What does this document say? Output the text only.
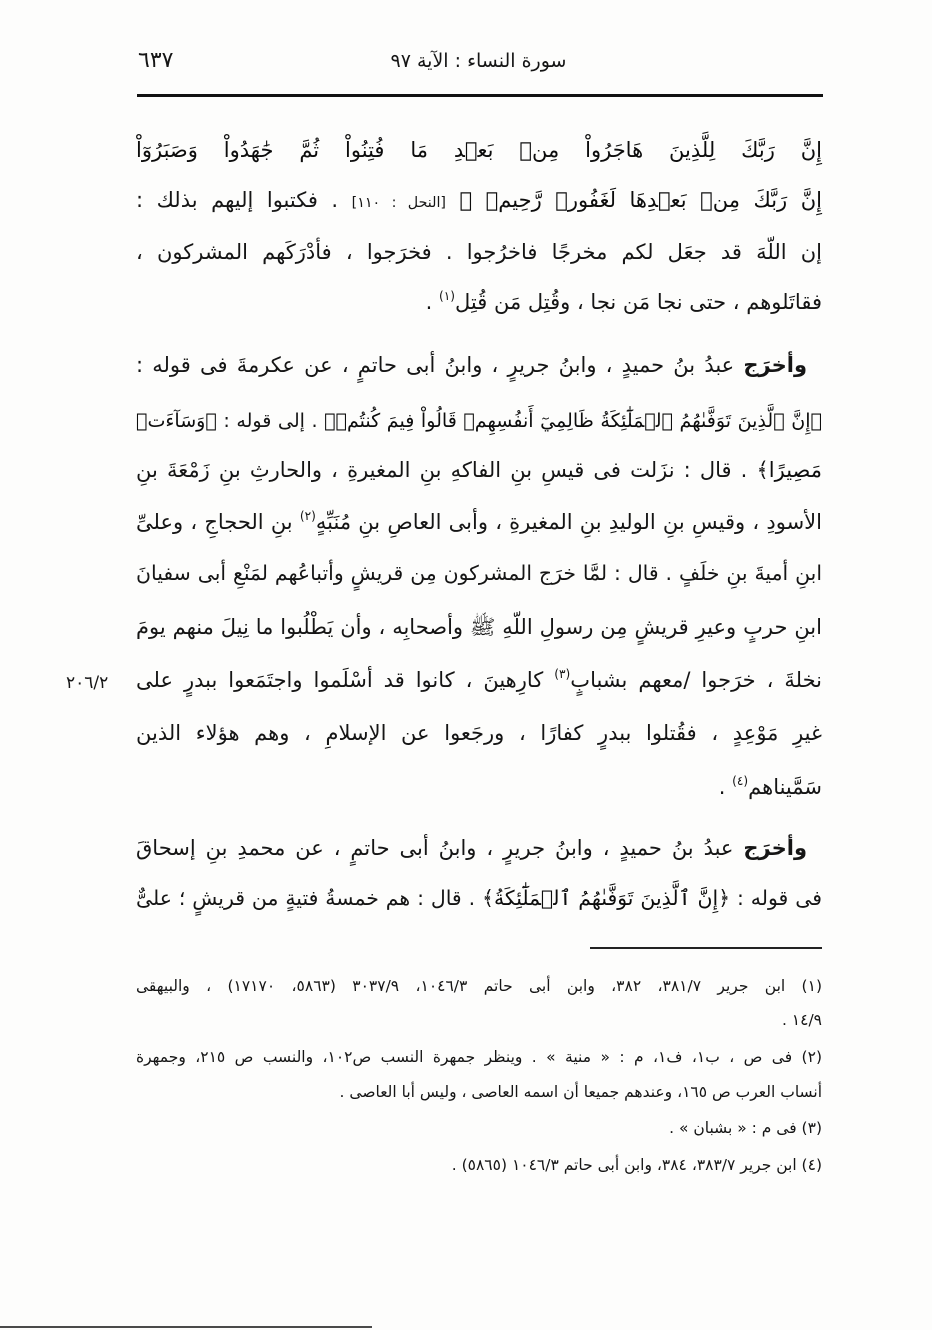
٦٣٧	سورة النساء : الآية ٩٧
إِنَّ رَبَّكَ لِلَّذِينَ هَاجَرُواْ مِنۢ بَعۡدِ مَا فُتِنُواْ ثُمَّ جَٰهَدُواْ وَصَبَرُوٓاْ
إِنَّ رَبَّكَ مِنۢ بَعۡدِهَا لَغَفُورٞ رَّحِيمٞ ﴾ [النحل : ١١٠] . فكتبوا إليهم بذلك :
إن اللّهَ قد جعَل لكم مخرجًا فاخرُجوا . فخرَجوا ، فأدْرَكَهم المشركون ،
فقاتَلوهم ، حتى نجا مَن نجا ، وقُتِل مَن قُتِل$^{(١)}$ .
وأخرَج عبدُ بنُ حميدٍ ، وابنُ جريرٍ ، وابنُ أبى حاتمٍ ، عن عكرمةَ فى قوله :
﴿إِنَّ ٱلَّذِينَ تَوَفَّىٰهُمُ ٱلۡمَلَٰٓئِكَةُ ظَالِمِيٓ أَنفُسِهِمۡ قَالُواْ فِيمَ كُنتُمۡ﴾ . إلى قوله : ﴿وَسَآءَتۡ
مَصِيرًا﴾ . قال : نزَلت فى قيسِ بنِ الفاكهِ بنِ المغيرةِ ، والحارثِ بنِ زَمْعَةَ بنِ
الأسودِ ، وقيسِ بنِ الوليدِ بنِ المغيرةِ ، وأبى العاصِ بنِ مُنَبِّهٍ$^{(٢)}$ بنِ الحجاجِ ، وعلىِّ
ابنِ أميةَ بنِ خلَفٍ . قال : لمَّا خرَج المشركون مِن قريشٍ وأتباعُهم لمَنْعِ أبى سفيانَ
ابنِ حربٍ وعيرِ قريشٍ مِن رسولِ اللّهِ ﷺ وأصحابِه ، وأن يَطْلُبوا ما نِيلَ منهم يومَ
نخلةَ ، خرَجوا /معهم بشبابٍ$^{(٣)}$ كارِهينَ ، كانوا قد أسْلَموا واجتَمَعوا ببدرٍ على
٢٠٦/٢
غيرِ مَوْعِدٍ ، فقُتلوا ببدرٍ كفارًا ، ورجَعوا عن الإسلامِ ، وهم هؤلاء الذين
سَمَّيناهم$^{(٤)}$ .
وأخرَج عبدُ بنُ حميدٍ ، وابنُ جريرٍ ، وابنُ أبى حاتمٍ ، عن محمدِ بنِ إسحاقَ
فى قوله : ﴿إِنَّ ٱلَّذِينَ تَوَفَّىٰهُمُ ٱلۡمَلَٰٓئِكَةُ﴾ . قال : هم خمسةُ فتيةٍ من قريشٍ ؛ علىٌّ
(١) ابن جرير ٣٨١/٧، ٣٨٢، وابن أبى حاتم ١٠٤٦/٣، ٣٠٣٧/٩ (٥٨٦٣، ١٧١٧٠) ، والبيهقى
١٤/٩ .
(٢) فى ص ، ب١، ف١، م : « منية » . وينظر جمهرة النسب ص١٠٢، والنسب ص ٢١٥، وجمهرة
أنساب العرب ص ١٦٥، وعندهم جميعا أن اسمه العاصى ، وليس أبا العاصى .
(٣) فى م : « بشبان » .
(٤) ابن جرير ٣٨٣/٧، ٣٨٤، وابن أبى حاتم ١٠٤٦/٣ (٥٨٦٥) .
